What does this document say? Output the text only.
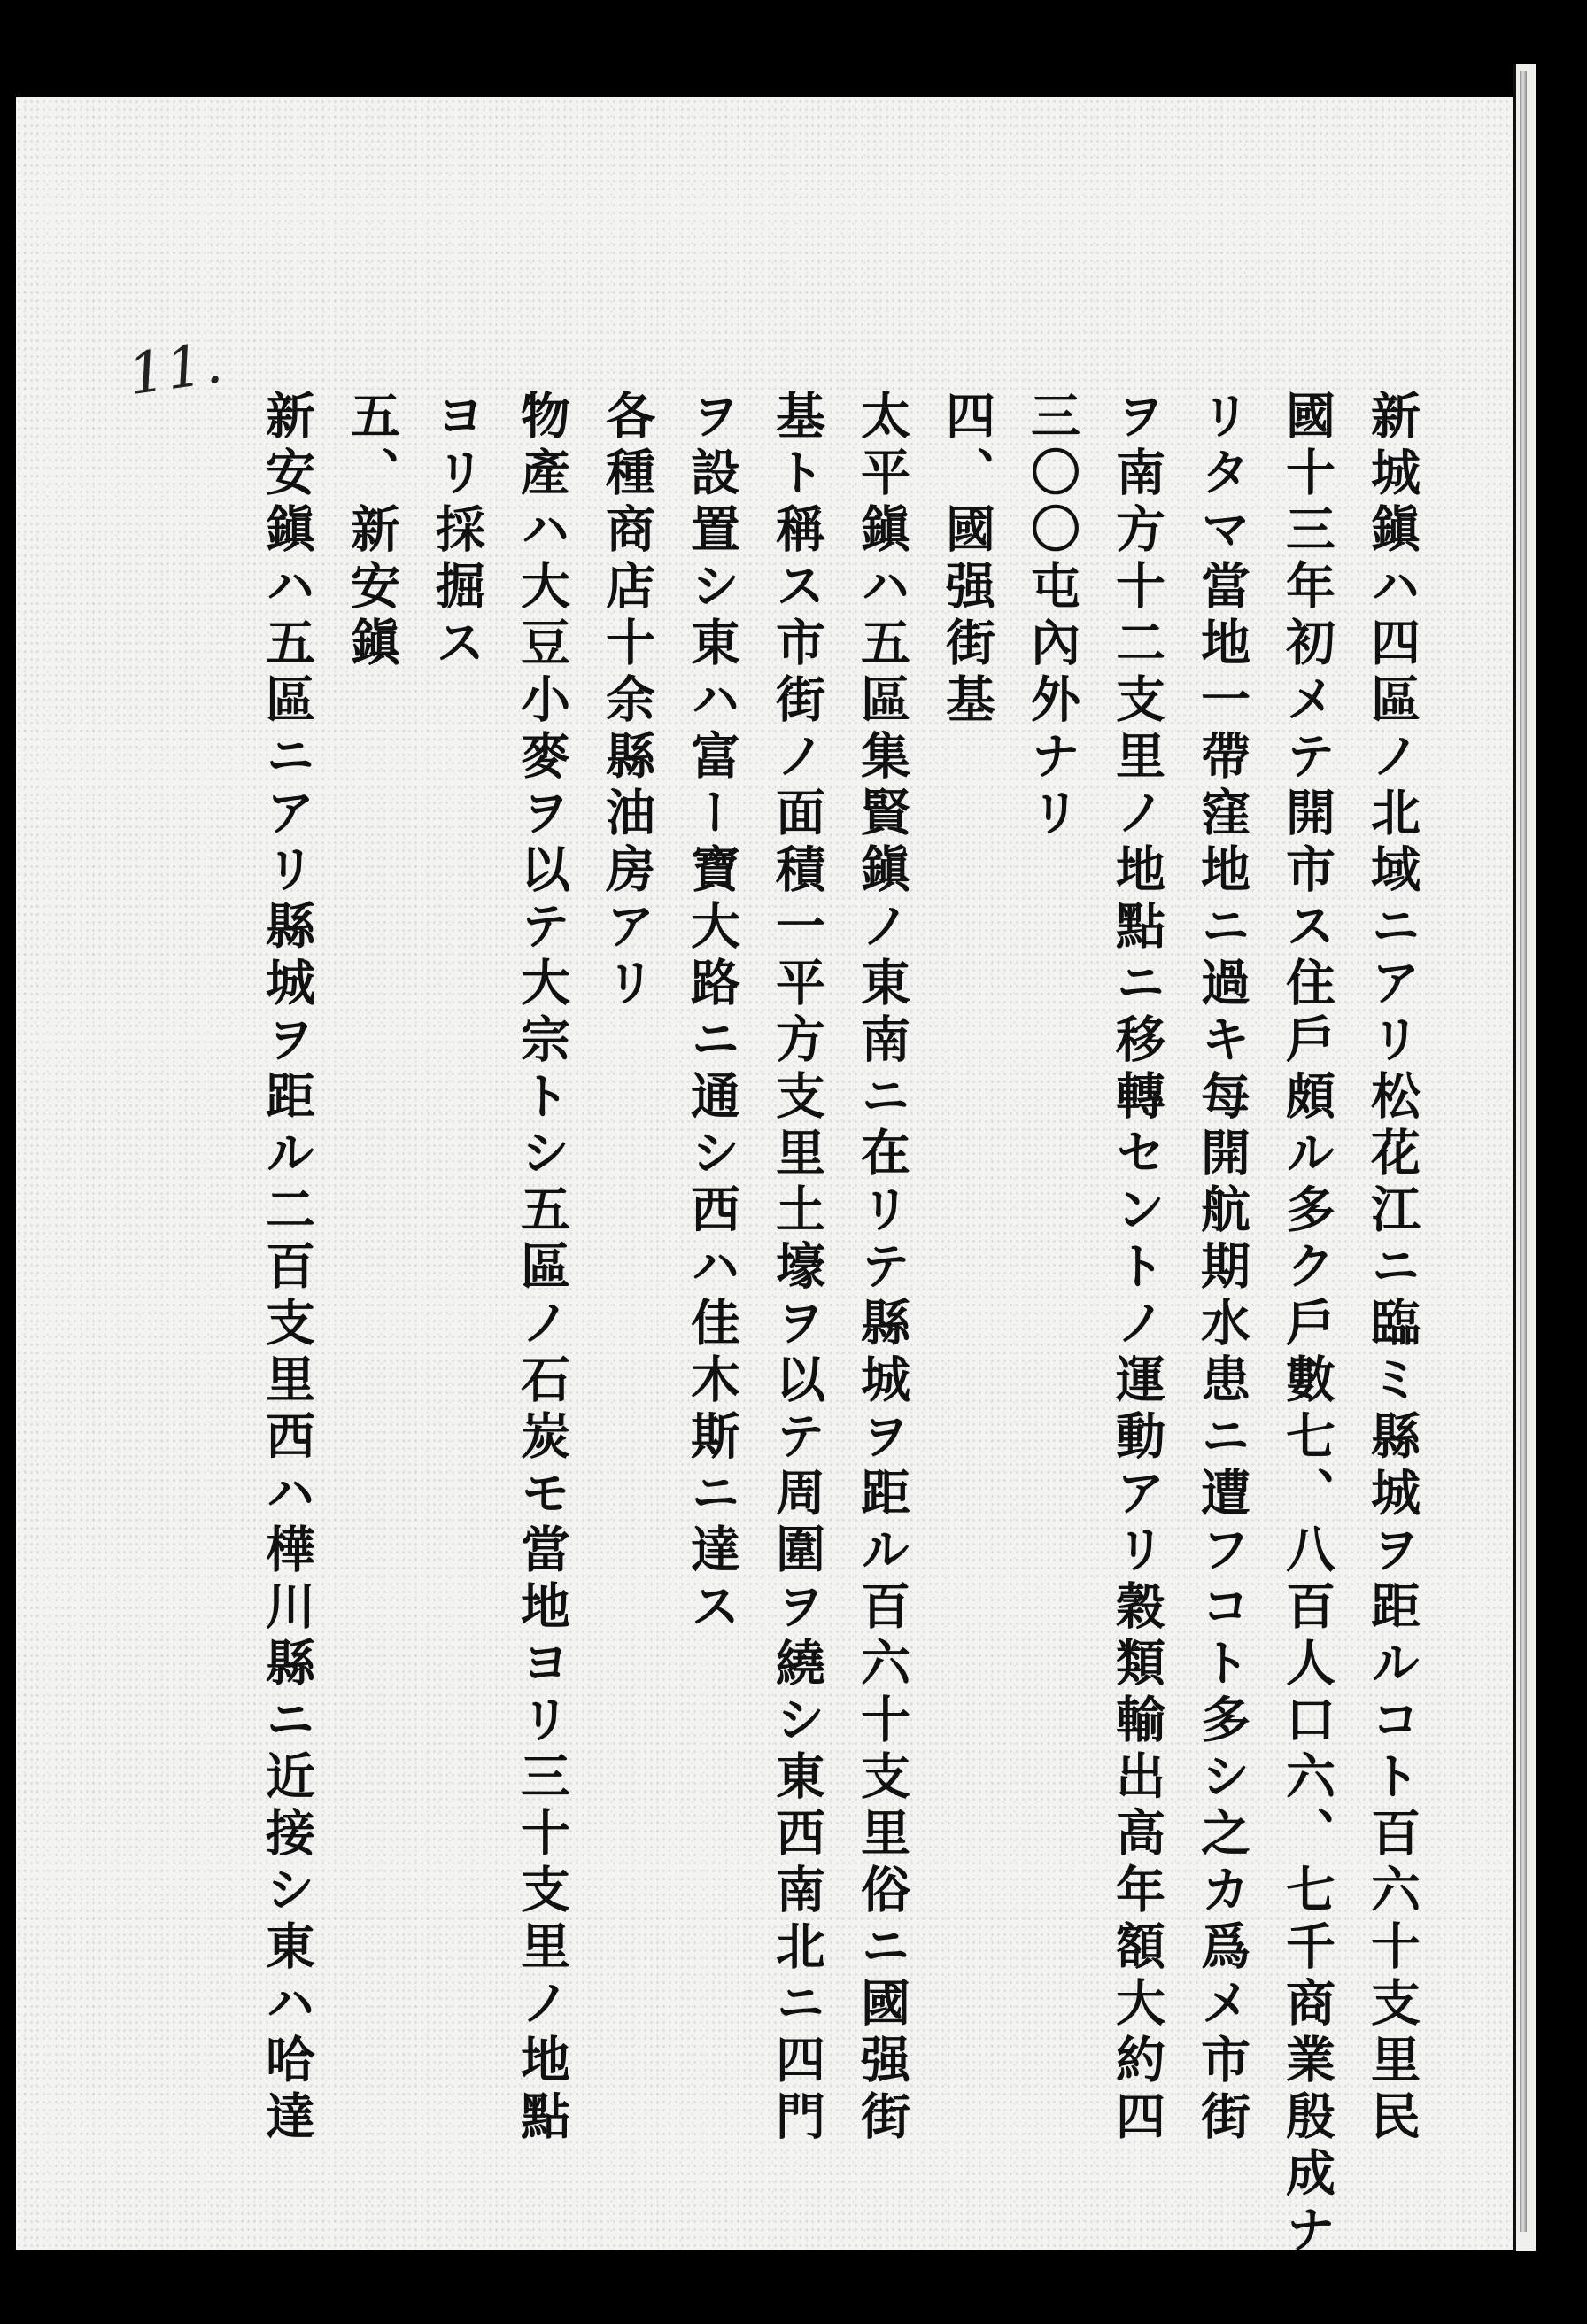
11.
新城鎭ハ四區ノ北域ニアリ松花江ニ臨ミ縣城ヲ距ルコト百六十支里民
國十三年初メテ開市ス住戶頗ル多ク戶數七、八百人口六、七千商業殷成ナ
リタマ當地一帶窪地ニ過キ每開航期水患ニ遭フコト多シ之カ爲メ市街
ヲ南方十二支里ノ地點ニ移轉セントノ運動アリ穀類輸出高年額大約四
三〇〇屯內外ナリ
四、國强街基
太平鎭ハ五區集賢鎭ノ東南ニ在リテ縣城ヲ距ル百六十支里俗ニ國强街
基ト稱ス市街ノ面積一平方支里土壕ヲ以テ周圍ヲ繞シ東西南北ニ四門
ヲ設置シ東ハ富ー寶大路ニ通シ西ハ佳木斯ニ達ス
各種商店十余縣油房アリ
物產ハ大豆小麥ヲ以テ大宗トシ五區ノ石炭モ當地ヨリ三十支里ノ地點
ヨリ採掘ス
五、新安鎭
新安鎭ハ五區ニアリ縣城ヲ距ル二百支里西ハ樺川縣ニ近接シ東ハ哈達
